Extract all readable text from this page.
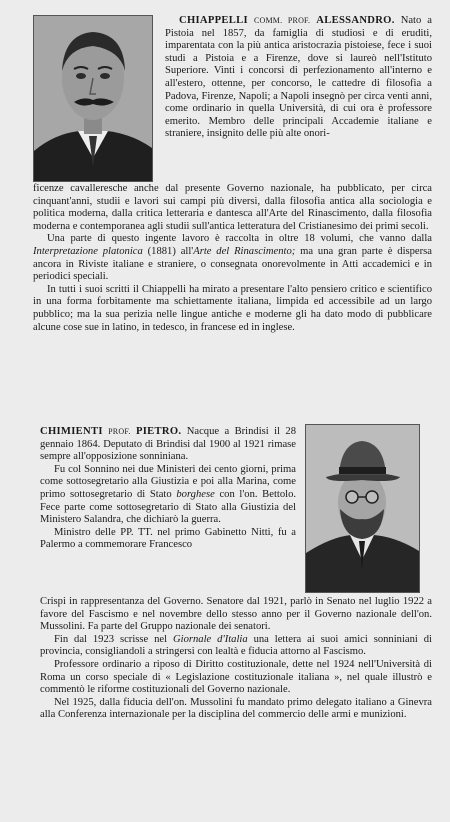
CHIAPPELLI COMM. PROF. ALESSANDRO. Nato a Pistoia nel 1857, da famiglia di studiosi e di eruditi, imparentata con la più antica aristocrazia pistoiese, fece i suoi studi a Pistoia e a Firenze, dove si laureò nell'Istituto Superiore. Vinti i concorsi di perfezionamento all'interno e all'estero, ottenne, per concorso, le cattedre di filosofia a Padova, Firenze, Napoli; a Napoli insegnò per circa venti anni, come ordinario in quella Università, di cui ora è professore emerito. Membro delle principali Accademie italiane e straniere, insignito delle più alte onori-

ficenze cavalleresche anche dal presente Governo nazionale, ha pubblicato, per circa cinquant'anni, studii e lavori sui campi più diversi, dalla filosofia antica alla sociologia e politica moderna, dalla critica letteraria e dantesca all'Arte del Rinascimento, dalla filosofia moderna e contemporanea agli studii sull'antica letteratura del Cristianesimo dei primi secoli.

Una parte di questo ingente lavoro è raccolta in oltre 18 volumi, che vanno dalla Interpretazione platonica (1881) all'Arte del Rinascimento; ma una gran parte è dispersa ancora in Riviste italiane e straniere, o consegnata onorevolmente in Atti accademici e in periodici speciali.

In tutti i suoi scritti il Chiappelli ha mirato a presentare l'alto pensiero critico e scientifico in una forma forbitamente ma schiettamente italiana, limpida ed accessibile ad un largo pubblico; ma la sua perizia nelle lingue antiche e moderne gli ha dato modo di pubblicare alcune cose sue in latino, in tedesco, in francese ed in inglese.

CHIMIENTI PROF. PIETRO. Nacque a Brindisi il 28 gennaio 1864. Deputato di Brindisi dal 1900 al 1921 rimase sempre all'opposizione sonniniana.

Fu col Sonnino nei due Ministeri dei cento giorni, prima come sottosegretario alla Giustizia e poi alla Marina, come primo sottosegretario di Stato borghese con l'on. Bettolo. Fece parte come sottosegretario di Stato alla Giustizia del Ministero Salandra, che dichiarò la guerra.

Ministro delle PP. TT. nel primo Gabinetto Nitti, fu a Palermo a commemorare Francesco

Crispi in rappresentanza del Governo. Senatore dal 1921, parlò in Senato nel luglio 1922 a favore del Fascismo e nel novembre dello stesso anno per il Governo nazionale dell'on. Mussolini. Fa parte del Gruppo nazionale dei senatori.

Fin dal 1923 scrisse nel Giornale d'Italia una lettera ai suoi amici sonniniani di provincia, consigliandoli a stringersi con lealtà e fiducia attorno al Fascismo.

Professore ordinario a riposo di Diritto costituzionale, dette nel 1924 nell'Università di Roma un corso speciale di « Legislazione costituzionale italiana », nel quale illustrò e commentò le riforme costituzionali del Governo nazionale.

Nel 1925, dalla fiducia dell'on. Mussolini fu mandato primo delegato italiano a Ginevra alla Conferenza internazionale per la disciplina del commercio delle armi e munizioni.
